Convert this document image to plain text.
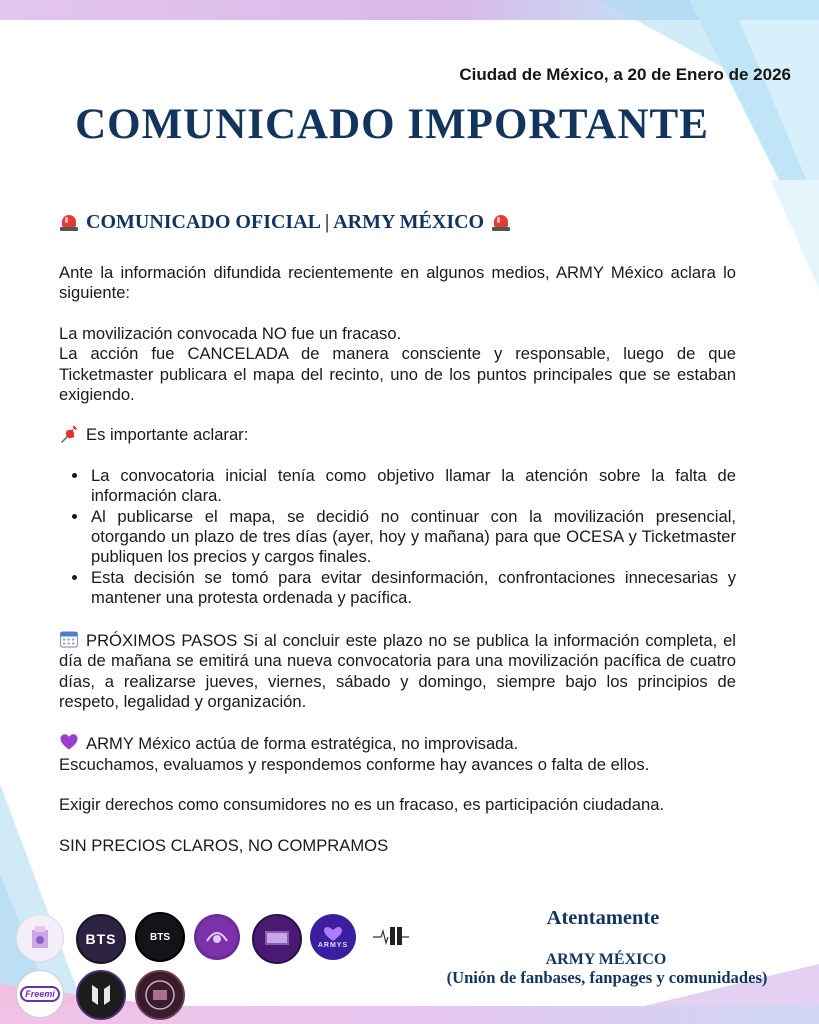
Ciudad de México, a 20 de Enero de 2026
COMUNICADO IMPORTANTE
COMUNICADO OFICIAL | ARMY MÉXICO

Ante la información difundida recientemente en algunos medios, ARMY México aclara lo siguiente:

La movilización convocada NO fue un fracaso.

La acción fue CANCELADA de manera consciente y responsable, luego de que Ticketmaster publicara el mapa del recinto, uno de los puntos principales que se estaban exigiendo.

Es importante aclarar:

• La convocatoria inicial tenía como objetivo llamar la atención sobre la falta de información clara.
• Al publicarse el mapa, se decidió no continuar con la movilización presencial, otorgando un plazo de tres días (ayer, hoy y mañana) para que OCESA y Ticketmaster publiquen los precios y cargos finales.
• Esta decisión se tomó para evitar desinformación, confrontaciones innecesarias y mantener una protesta ordenada y pacífica.

PRÓXIMOS PASOS Si al concluir este plazo no se publica la información completa, el día de mañana se emitirá una nueva convocatoria para una movilización pacífica de cuatro días, a realizarse jueves, viernes, sábado y domingo, siempre bajo los principios de respeto, legalidad y organización.

ARMY México actúa de forma estratégica, no improvisada.

Escuchamos, evaluamos y respondemos conforme hay avances o falta de ellos.

Exigir derechos como consumidores no es un fracaso, es participación ciudadana.

SIN PRECIOS CLAROS, NO COMPRAMOS

BTS	BTS
ARMYS
Freemi
Atentamente
ARMY MÉXICO
(Unión de fanbases, fanpages y comunidades)
